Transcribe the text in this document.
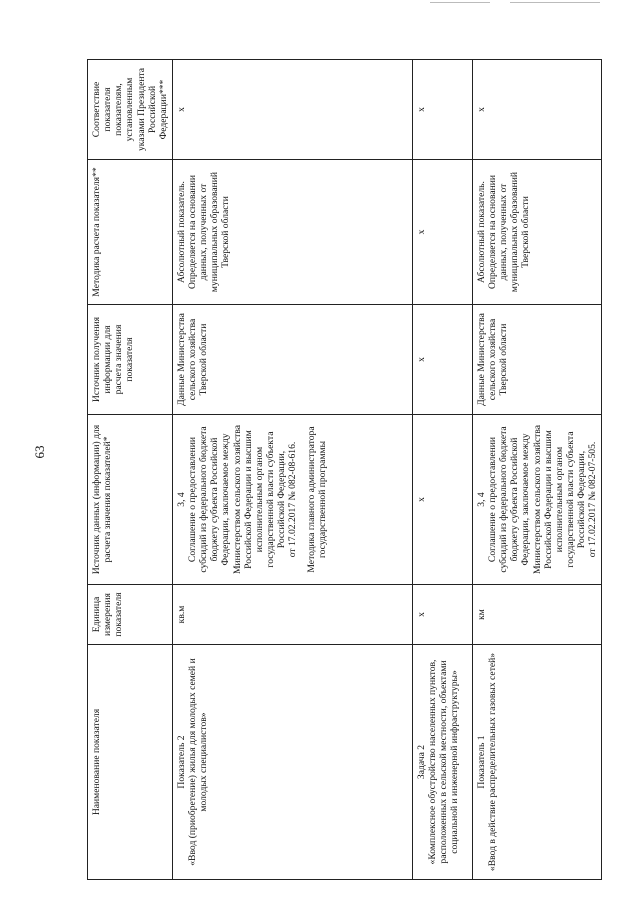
63
Наименование показателя	Единица измерения показателя	Источник данных (информации) для расчета значения показателей*	Источник получения информации для расчета значения показателя	Методика расчета показателя**	Соответствие показателя показателям, установленным указами Президента Российской Федерации***

Показатель 2 «Ввод (приобретение) жилья для молодых семей и молодых специалистов»	кв.м	3, 4 Соглашение о предоставлении субсидий из федерального бюджета бюджету субъекта Российской Федерации, заключаемое между Министерством сельского хозяйства Российской Федерации и высшим исполнительным органом государственной власти субъекта Российской Федерации, от 17.02.2017 № 082-08-616. Методика главного администратора государственной программы	Данные Министерства сельского хозяйства Тверской области	Абсолютный показатель. Определяется на основании данных, полученных от муниципальных образований Тверской области	x

Задача 2 «Комплексное обустройство населенных пунктов, расположенных в сельской местности, объектами социальной и инженерной инфраструктуры»	x	x	x	x	x

Показатель 1 «Ввод в действие распределительных газовых сетей»	км	3, 4 Соглашение о предоставлении субсидий из федерального бюджета бюджету субъекта Российской Федерации, заключаемое между Министерством сельского хозяйства Российской Федерации и высшим исполнительным органом государственной власти субъекта Российской Федерации, от 17.02.2017 № 082-07-505.	Данные Министерства сельского хозяйства Тверской области	Абсолютный показатель. Определяется на основании данных, полученных от муниципальных образований Тверской области	x
